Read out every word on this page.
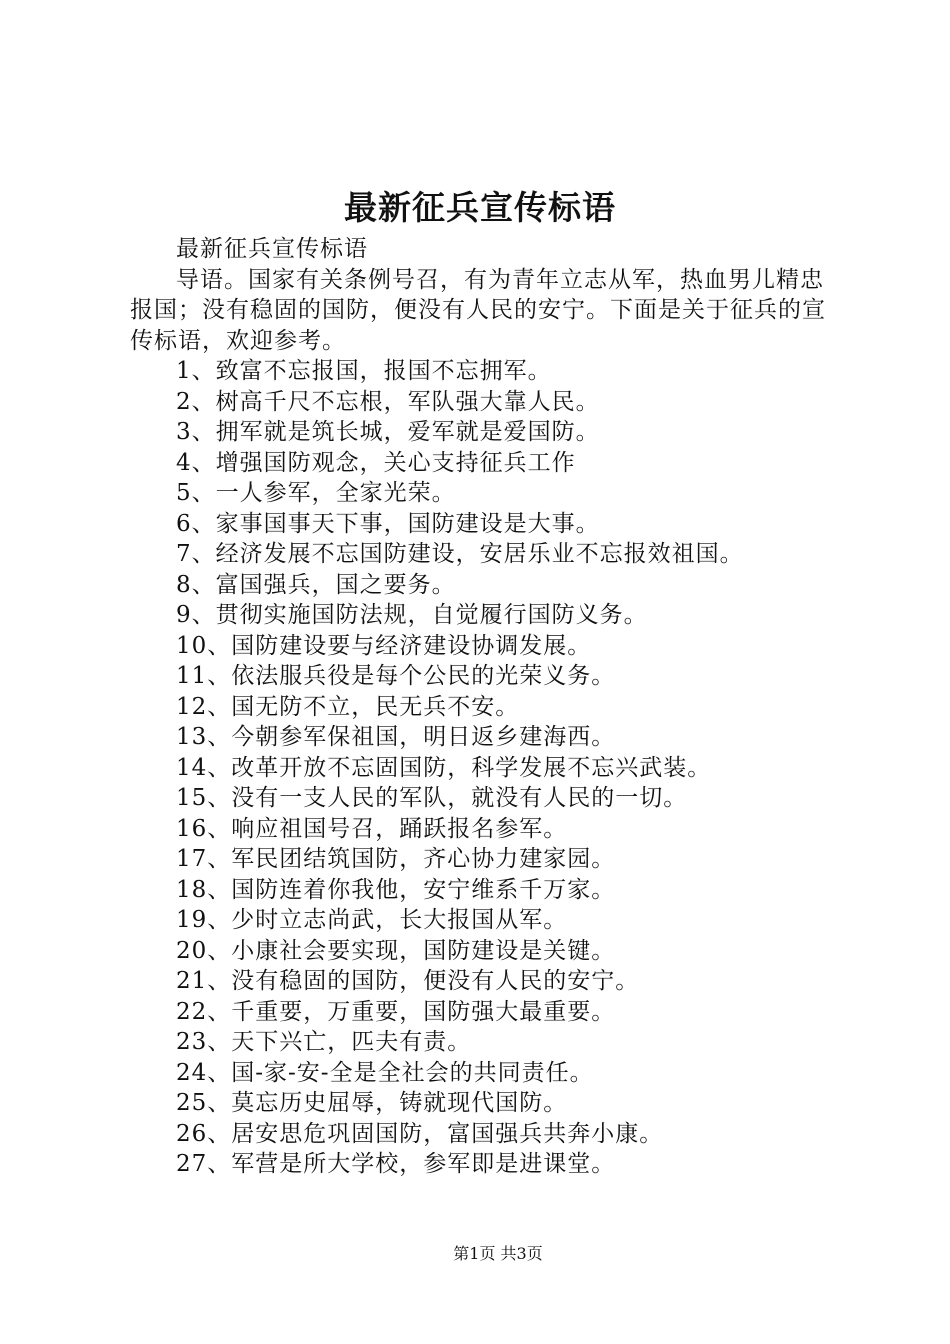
最新征兵宣传标语

最新征兵宣传标语

导语。国家有关条例号召，有为青年立志从军，热血男儿精忠报国；没有稳固的国防，便没有人民的安宁。下面是关于征兵的宣传标语，欢迎参考。

1、致富不忘报国，报国不忘拥军。

2、树高千尺不忘根，军队强大靠人民。

3、拥军就是筑长城，爱军就是爱国防。

4、增强国防观念，关心支持征兵工作

5、一人参军，全家光荣。

6、家事国事天下事，国防建设是大事。

7、经济发展不忘国防建设，安居乐业不忘报效祖国。

8、富国强兵，国之要务。

9、贯彻实施国防法规，自觉履行国防义务。

10、国防建设要与经济建设协调发展。

11、依法服兵役是每个公民的光荣义务。

12、国无防不立，民无兵不安。

13、今朝参军保祖国，明日返乡建海西。

14、改革开放不忘固国防，科学发展不忘兴武装。

15、没有一支人民的军队，就没有人民的一切。

16、响应祖国号召，踊跃报名参军。

17、军民团结筑国防，齐心协力建家园。

18、国防连着你我他，安宁维系千万家。

19、少时立志尚武，长大报国从军。

20、小康社会要实现，国防建设是关键。

21、没有稳固的国防，便没有人民的安宁。

22、千重要，万重要，国防强大最重要。

23、天下兴亡，匹夫有责。

24、国-家-安-全是全社会的共同责任。

25、莫忘历史屈辱，铸就现代国防。

26、居安思危巩固国防，富国强兵共奔小康。

27、军营是所大学校，参军即是进课堂。

第1页 共3页
